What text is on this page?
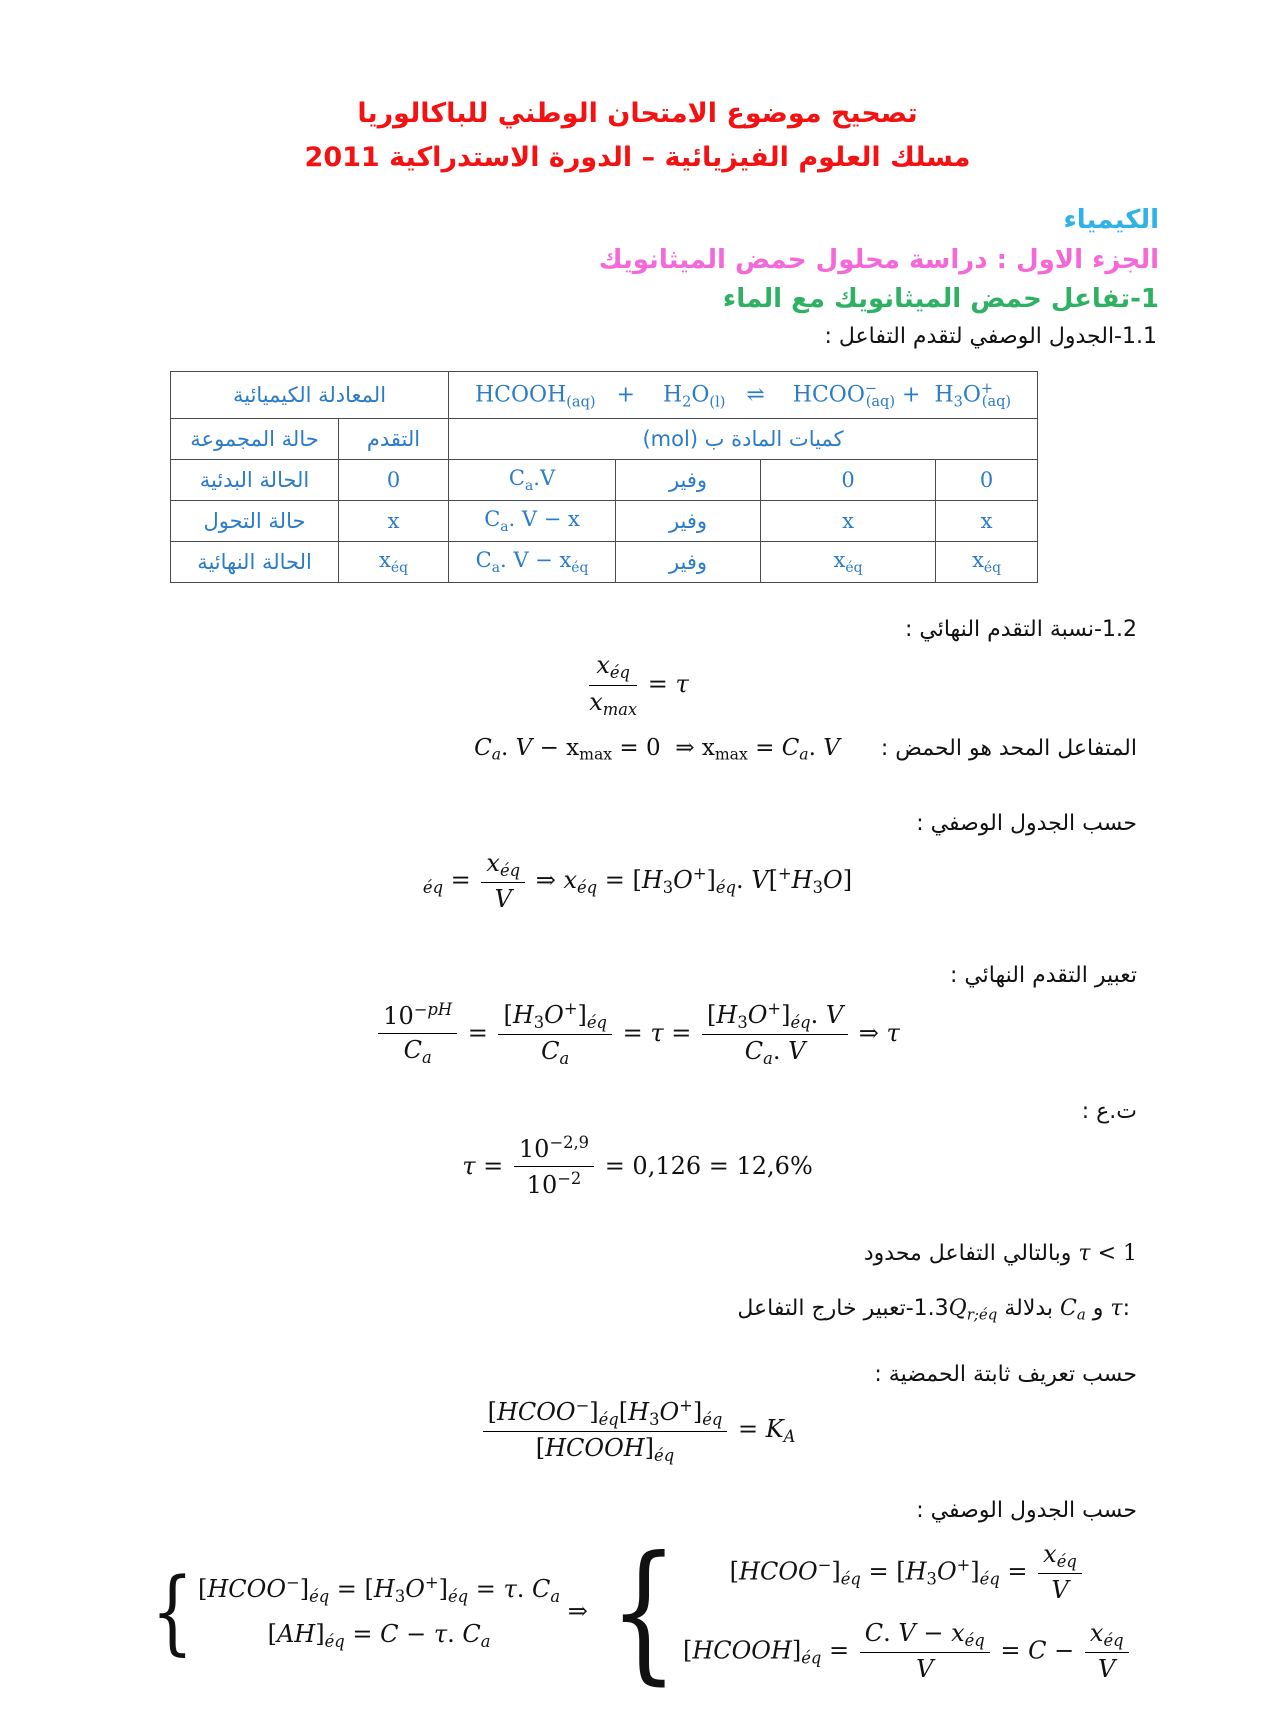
تصحيح موضوع الامتحان الوطني للباكالوريا
مسلك العلوم الفيزيائية – الدورة الاستدراكية 2011
الكيمياء
الجزء الاول : دراسة محلول حمض الميثانويك
1-تفاعل حمض الميثانويك مع الماء
1.1-الجدول الوصفي لتقدم التفاعل :
المعادلة الكيميائية		$HCOOH_{(aq)}$   +    $H_2O_{(l)}$   ⇌    $HCOO^-_{(aq)} + H_3O^+_{(aq)}$
حالة المجموعة	التقدم	كميات المادة ب (mol)			
الحالة البدئية	0	$C_a.V$	وفير	0	0
حالة التحول	x	$C_a$. V − x	وفير	x	x
الحالة النهائية	$x_{éq}$	$C_a$. $V - x_{éq}$	وفير	$x_{éq}$	$x_{éq}$
1.2-نسبة التقدم النهائي :
τ =
$x_{éq}$
$x_{max}$
المتفاعل المحد هو الحمض : $C_a$. $V - x_{max} = 0$  ⇒ $x_{max} = C_a$. V
حسب الجدول الوصفي :
$[H_3O^+]_{éq}$ =
$x_{éq}$
V
⇒ $x_{éq} = [H_3O^+]_{éq}$. V
تعبير التقدم النهائي :
$\tau = \frac{[H_3O^+]_{éq}. V}{C_a. V}$ ⇒ τ =
$\frac{[H_3O^+]_{éq}}{C_a}$
=
$\frac{10^{-pH}}{C_a}$
ت.ع :
$\tau = \frac{10^{-2,9}}{10^{-2}} = 0,126 = 12,6\%$
τ < 1 وبالتالي التفاعل محدود
1.3-تعبير خارج التفاعل $Q_{r;éq}$ بدلالة $C_a$ و τ :
حسب تعريف ثابتة الحمضية :
$K_A$ =
$[HCOO^-]_{éq}[H_3O^+]_{éq}$
$[HCOOH]_{éq}$
حسب الجدول الوصفي :
{ $[HCOO^-]_{éq} = [H_3O^+]_{éq}$ =
$x_{éq}$
V
$[HCOOH]_{éq}$ =
C. $V - x_{éq}$
V
= C −
$x_{éq}$
V
⇒
{ $[HCOO^-]_{éq} = [H_3O^+]_{éq} = \tau$. $C_a$
$[AH]_{éq} = C - \tau$. $C_a$
